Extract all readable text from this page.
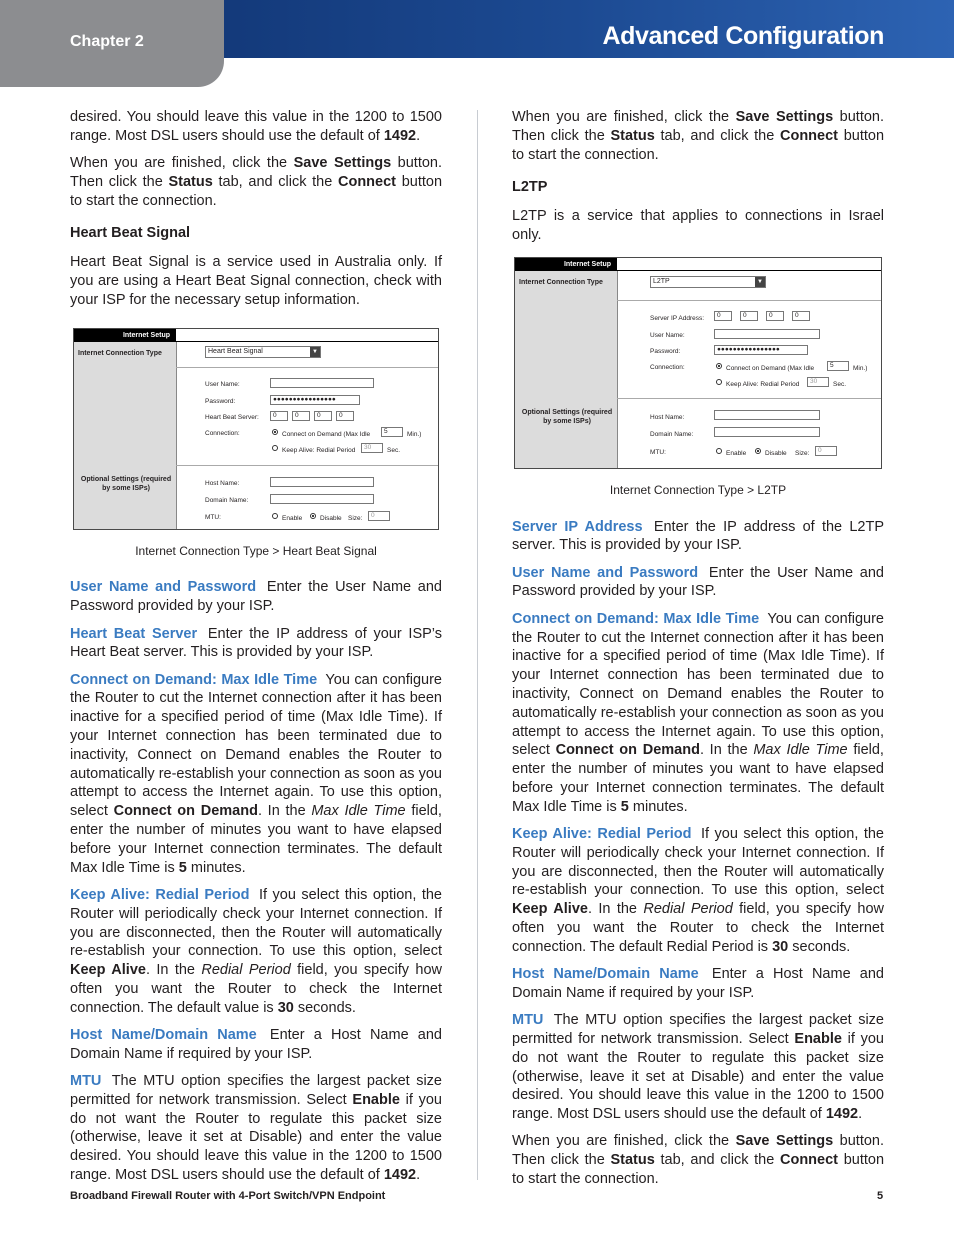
Chapter 2	Advanced Configuration

desired. You should leave this value in the 1200 to 1500 range. Most DSL users should use the default of 1492.

When you are finished, click the Save Settings button. Then click the Status tab, and click the Connect button to start the connection.

Heart Beat Signal

Heart Beat Signal is a service used in Australia only. If you are using a Heart Beat Signal connection, check with your ISP for the necessary setup information.

Internet Setup
Internet Connection Type
Optional Settings (required by some ISPs)
Heart Beat Signal	▼
User Name:
Password:	●●●●●●●●●●●●●●●●
Heart Beat Server:	0	0	0	0
Connection:	Connect on Demand (Max Idle	5	Min.)
Keep Alive: Redial Period	30	Sec.
Host Name:
Domain Name:
MTU:	Enable	Disable Size:	0
Internet Connection Type > Heart Beat Signal

User Name and Password Enter the User Name and Password provided by your ISP.

Heart Beat Server Enter the IP address of your ISP’s Heart Beat server. This is provided by your ISP.

Connect on Demand: Max Idle Time You can configure the Router to cut the Internet connection after it has been inactive for a specified period of time (Max Idle Time). If your Internet connection has been terminated due to inactivity, Connect on Demand enables the Router to automatically re-establish your connection as soon as you attempt to access the Internet again. To use this option, select Connect on Demand. In the Max Idle Time field, enter the number of minutes you want to have elapsed before your Internet connection terminates. The default Max Idle Time is 5 minutes.

Keep Alive: Redial Period If you select this option, the Router will periodically check your Internet connection. If you are disconnected, then the Router will automatically re-establish your connection. To use this option, select Keep Alive. In the Redial Period field, you specify how often you want the Router to check the Internet connection. The default value is 30 seconds.

Host Name/Domain Name Enter a Host Name and Domain Name if required by your ISP.

MTU The MTU option specifies the largest packet size permitted for network transmission. Select Enable if you do not want the Router to regulate this packet size (otherwise, leave it set at Disable) and enter the value desired. You should leave this value in the 1200 to 1500 range. Most DSL users should use the default of 1492.

When you are finished, click the Save Settings button. Then click the Status tab, and click the Connect button to start the connection.

L2TP

L2TP is a service that applies to connections in Israel only.

Internet Setup
Internet Connection Type
Optional Settings (required by some ISPs)
L2TP	▼
Server IP Address:	0	0	0	0
User Name:
Password:	●●●●●●●●●●●●●●●●
Connection:	Connect on Demand (Max Idle	5	Min.)
Keep Alive: Redial Period	30	Sec.
Host Name:
Domain Name:
MTU:	Enable	Disable Size:	0
Internet Connection Type > L2TP

Server IP Address Enter the IP address of the L2TP server. This is provided by your ISP.

User Name and Password Enter the User Name and Password provided by your ISP.

Connect on Demand: Max Idle Time You can configure the Router to cut the Internet connection after it has been inactive for a specified period of time (Max Idle Time). If your Internet connection has been terminated due to inactivity, Connect on Demand enables the Router to automatically re-establish your connection as soon as you attempt to access the Internet again. To use this option, select Connect on Demand. In the Max Idle Time field, enter the number of minutes you want to have elapsed before your Internet connection terminates. The default Max Idle Time is 5 minutes.

Keep Alive: Redial Period If you select this option, the Router will periodically check your Internet connection. If you are disconnected, then the Router will automatically re-establish your connection. To use this option, select Keep Alive. In the Redial Period field, you specify how often you want the Router to check the Internet connection. The default Redial Period is 30 seconds.

Host Name/Domain Name Enter a Host Name and Domain Name if required by your ISP.

MTU The MTU option specifies the largest packet size permitted for network transmission. Select Enable if you do not want the Router to regulate this packet size (otherwise, leave it set at Disable) and enter the value desired. You should leave this value in the 1200 to 1500 range. Most DSL users should use the default of 1492.

When you are finished, click the Save Settings button. Then click the Status tab, and click the Connect button to start the connection.

Broadband Firewall Router with 4-Port Switch/VPN Endpoint	5
